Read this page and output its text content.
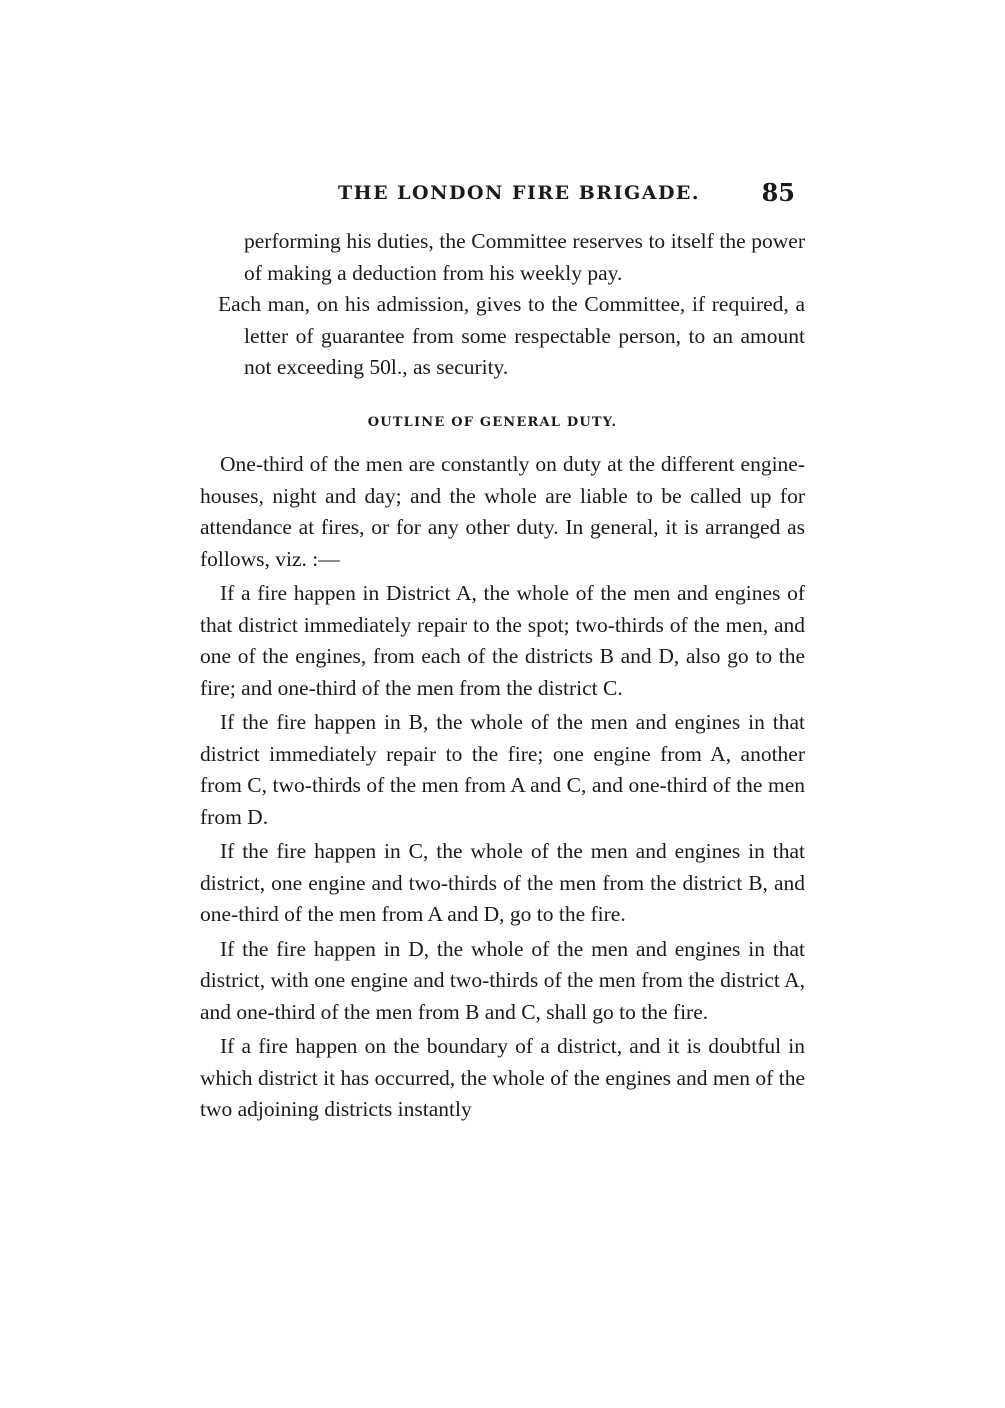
THE LONDON FIRE BRIGADE.	85

performing his duties, the Committee reserves to itself the power of making a deduction from his weekly pay.

Each man, on his admission, gives to the Committee, if required, a letter of guarantee from some respectable person, to an amount not exceeding 50l., as security.

OUTLINE OF GENERAL DUTY.

One-third of the men are constantly on duty at the different engine-houses, night and day; and the whole are liable to be called up for attendance at fires, or for any other duty. In general, it is arranged as follows, viz. :—

If a fire happen in District A, the whole of the men and engines of that district immediately repair to the spot; two-thirds of the men, and one of the engines, from each of the districts B and D, also go to the fire; and one-third of the men from the district C.

If the fire happen in B, the whole of the men and engines in that district immediately repair to the fire; one engine from A, another from C, two-thirds of the men from A and C, and one-third of the men from D.

If the fire happen in C, the whole of the men and engines in that district, one engine and two-thirds of the men from the district B, and one-third of the men from A and D, go to the fire.

If the fire happen in D, the whole of the men and engines in that district, with one engine and two-thirds of the men from the district A, and one-third of the men from B and C, shall go to the fire.

If a fire happen on the boundary of a district, and it is doubtful in which district it has occurred, the whole of the engines and men of the two adjoining districts instantly
